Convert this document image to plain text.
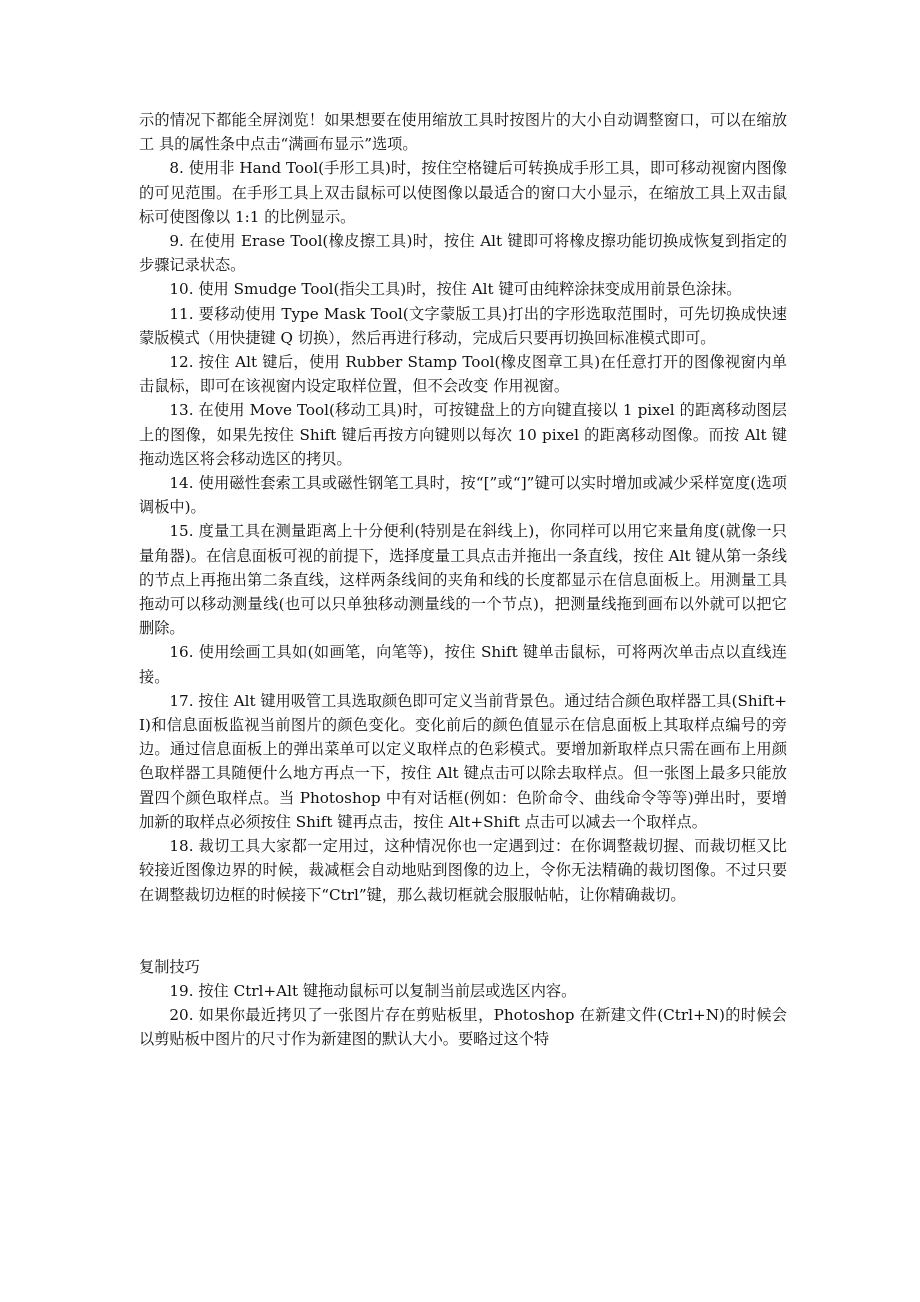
示的情况下都能全屏浏览！如果想要在使用缩放工具时按图片的大小自动调整窗口，可以在缩放工 具的属性条中点击“满画布显示”选项。

8. 使用非 Hand Tool(手形工具)时，按住空格键后可转换成手形工具，即可移动视窗内图像的可见范围。在手形工具上双击鼠标可以使图像以最适合的窗口大小显示，在缩放工具上双击鼠标可使图像以 1:1 的比例显示。

9. 在使用 Erase Tool(橡皮擦工具)时，按住 Alt 键即可将橡皮擦功能切换成恢复到指定的步骤记录状态。

10. 使用 Smudge Tool(指尖工具)时，按住 Alt 键可由纯粹涂抹变成用前景色涂抹。

11. 要移动使用 Type Mask Tool(文字蒙版工具)打出的字形选取范围时，可先切换成快速蒙版模式（用快捷键 Q 切换），然后再进行移动，完成后只要再切换回标准模式即可。

12. 按住 Alt 键后，使用 Rubber Stamp Tool(橡皮图章工具)在任意打开的图像视窗内单击鼠标，即可在该视窗内设定取样位置，但不会改变 作用视窗。

13. 在使用 Move Tool(移动工具)时，可按键盘上的方向键直接以 1 pixel 的距离移动图层上的图像，如果先按住 Shift 键后再按方向键则以每次 10 pixel 的距离移动图像。而按 Alt 键拖动选区将会移动选区的拷贝。

14. 使用磁性套索工具或磁性钢笔工具时，按“[”或“]”键可以实时增加或减少采样宽度(选项调板中)。

15. 度量工具在测量距离上十分便利(特别是在斜线上)，你同样可以用它来量角度(就像一只量角器)。在信息面板可视的前提下，选择度量工具点击并拖出一条直线，按住 Alt 键从第一条线的节点上再拖出第二条直线，这样两条线间的夹角和线的长度都显示在信息面板上。用测量工具拖动可以移动测量线(也可以只单独移动测量线的一个节点)，把测量线拖到画布以外就可以把它删除。

16. 使用绘画工具如(如画笔，向笔等)，按住 Shift 键单击鼠标，可将两次单击点以直线连接。

17. 按住 Alt 键用吸管工具选取颜色即可定义当前背景色。通过结合颜色取样器工具(Shift+I)和信息面板监视当前图片的颜色变化。变化前后的颜色值显示在信息面板上其取样点编号的旁边。通过信息面板上的弹出菜单可以定义取样点的色彩模式。要增加新取样点只需在画布上用颜色取样器工具随便什么地方再点一下，按住 Alt 键点击可以除去取样点。但一张图上最多只能放置四个颜色取样点。当 Photoshop 中有对话框(例如：色阶命令、曲线命令等等)弹出时，要增加新的取样点必须按住 Shift 键再点击，按住 Alt+Shift 点击可以减去一个取样点。

18. 裁切工具大家都一定用过，这种情况你也一定遇到过：在你调整裁切握、而裁切框又比较接近图像边界的时候，裁减框会自动地贴到图像的边上，令你无法精确的裁切图像。不过只要在调整裁切边框的时候接下“Ctrl”键，那么裁切框就会服服帖帖，让你精确裁切。

复制技巧

19. 按住 Ctrl+Alt 键拖动鼠标可以复制当前层或选区内容。

20. 如果你最近拷贝了一张图片存在剪贴板里，Photoshop 在新建文件(Ctrl+N)的时候会以剪贴板中图片的尺寸作为新建图的默认大小。要略过这个特
